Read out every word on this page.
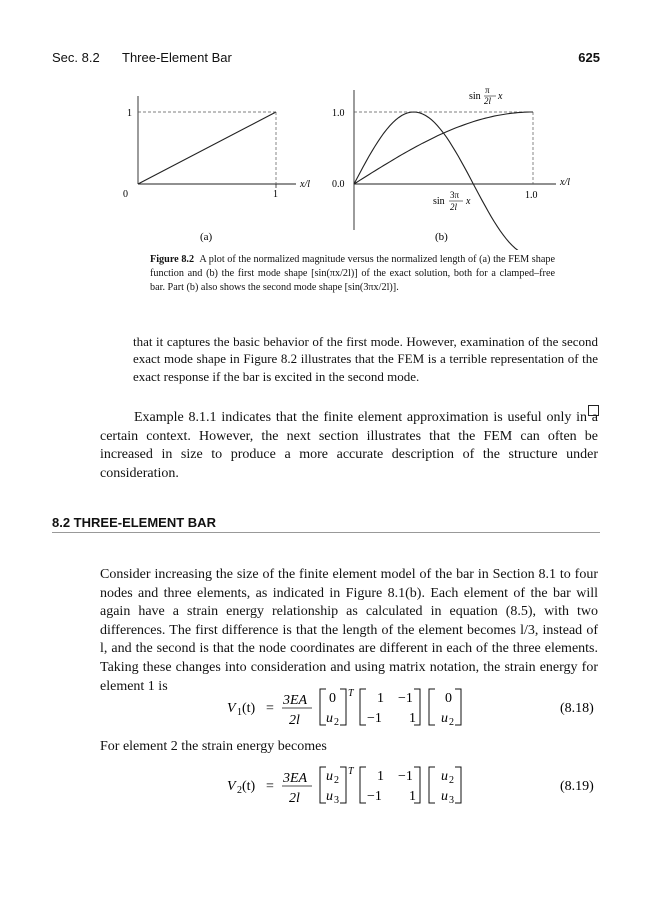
Sec. 8.2 Three-Element Bar	625
1
0	1
x/l
(a)
1.0
0.0
1.0
x/l
(b)
sin
π
2l x
sin
3π
2l x
Figure 8.2 A plot of the normalized magnitude versus the normalized length of (a) the FEM shape function and (b) the first mode shape [sin(πx/2l)] of the exact solution, both for a clamped–free bar. Part (b) also shows the second mode shape [sin(3πx/2l)].
that it captures the basic behavior of the first mode. However, examination of the second exact mode shape in Figure 8.2 illustrates that the FEM is a terrible representation of the exact response if the bar is excited in the second mode.
Example 8.1.1 indicates that the finite element approximation is useful only in a certain context. However, the next section illustrates that the FEM can often be increased in size to produce a more accurate description of the structure under consideration.
8.2 THREE-ELEMENT BAR
Consider increasing the size of the finite element model of the bar in Section 8.1 to four nodes and three elements, as indicated in Figure 8.1(b). Each element of the bar will again have a strain energy relationship as calculated in equation (8.5), with two differences. The first difference is that the length of the element becomes l/3, instead of l, and the second is that the node coordinates are different in each of the three elements. Taking these changes into consideration and using matrix notation, the strain energy for element 1 is
V 1 (t) =
3EA
2l
0
u 2
T 1 −1
−1 1
0
u 2
(8.18)
For element 2 the strain energy becomes
V 2 (t) =
3EA
2l
u 2
u 3
T 1 −1
−1 1
u 2
u 3
(8.19)
